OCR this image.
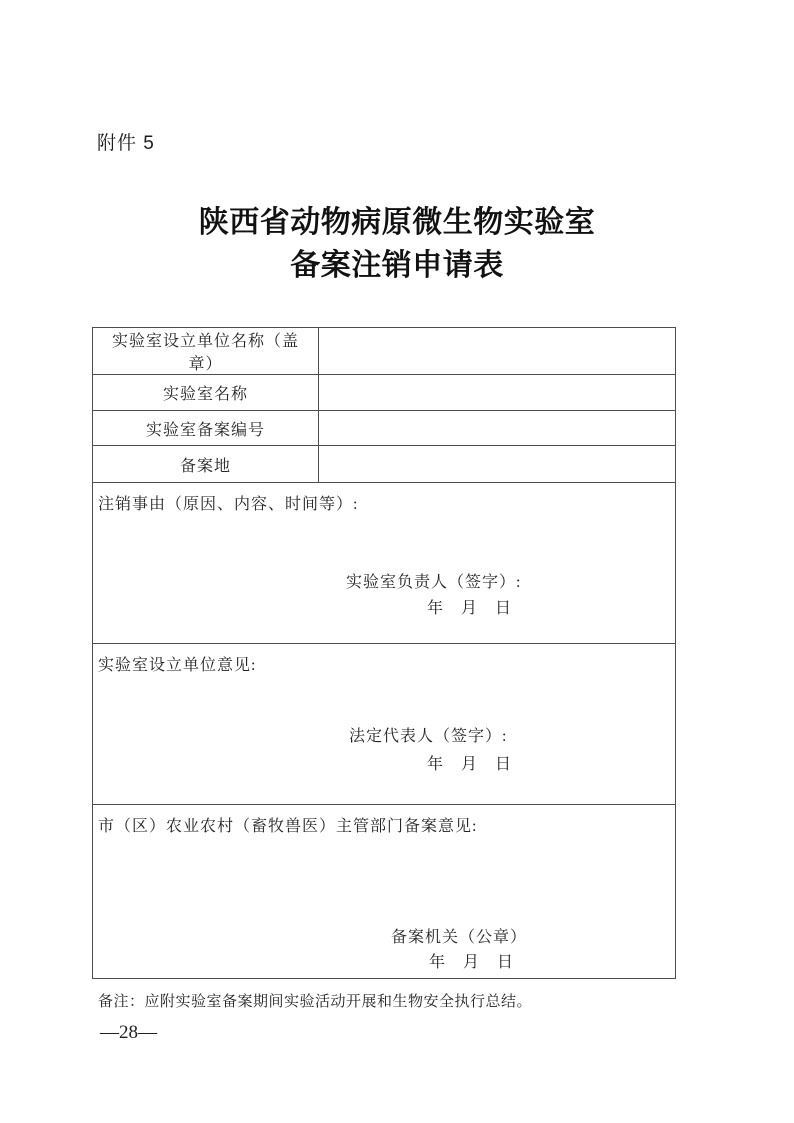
附件 5
陕西省动物病原微生物实验室
备案注销申请表
实验室设立单位名称（盖章）	
实验室名称	
实验室备案编号	
备案地	

注销事由（原因、内容、时间等）:
实验室负责人（签字）:
年　月　日	

实验室设立单位意见:
法定代表人（签字）:
年　月　日	

市（区）农业农村（畜牧兽医）主管部门备案意见:
备案机关（公章）
年　月　日	
备注：应附实验室备案期间实验活动开展和生物安全执行总结。
—28—
